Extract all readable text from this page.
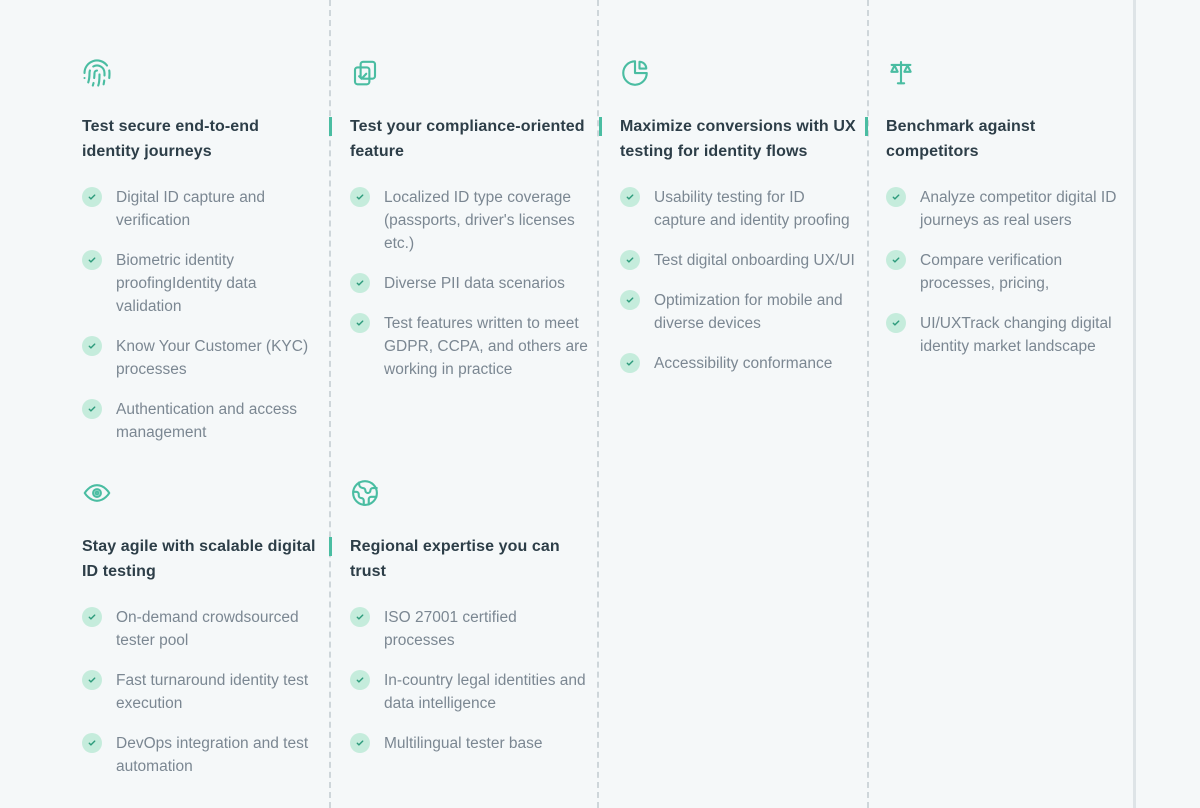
Test secure end-to-end identity journeys
Digital ID capture and verification
Biometric identity proofingIdentity data validation
Know Your Customer (KYC) processes
Authentication and access management
Test your compliance-oriented feature
Localized ID type coverage (passports, driver's licenses etc.)
Diverse PII data scenarios
Test features written to meet GDPR, CCPA, and others are working in practice
Maximize conversions with UX testing for identity flows
Usability testing for ID capture and identity proofing
Test digital onboarding UX/UI
Optimization for mobile and diverse devices
Accessibility conformance
Benchmark against competitors
Analyze competitor digital ID journeys as real users
Compare verification processes, pricing,
UI/UXTrack changing digital identity market landscape
Stay agile with scalable digital ID testing
On-demand crowdsourced tester pool
Fast turnaround identity test execution
DevOps integration and test automation
Regional expertise you can trust
ISO 27001 certified processes
In-country legal identities and data intelligence
Multilingual tester base
